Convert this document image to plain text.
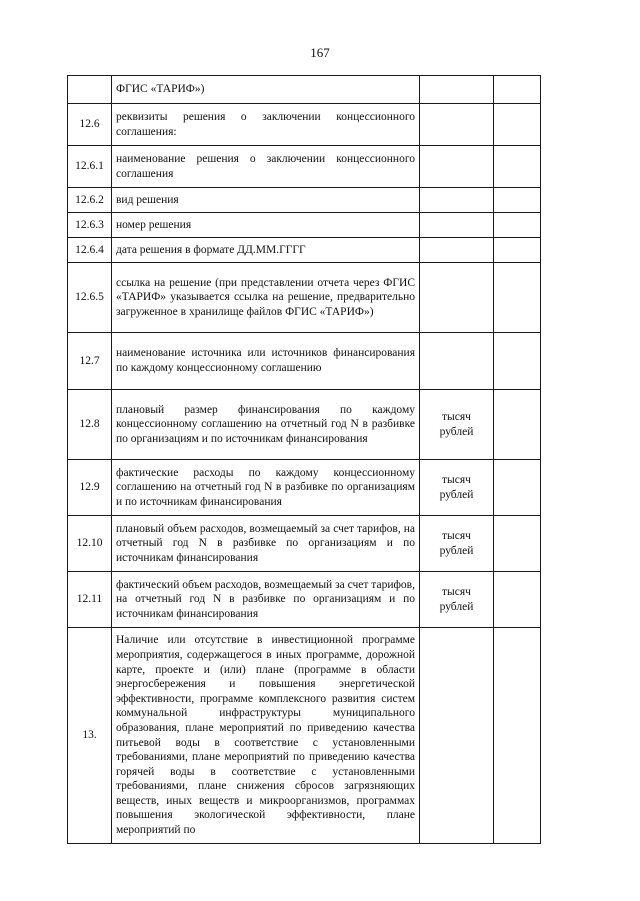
167
	ФГИС «ТАРИФ»)		
12.6	реквизиты решения о заключении концессионного соглашения:		
12.6.1	наименование решения о заключении концессионного соглашения		
12.6.2	вид решения		
12.6.3	номер решения		
12.6.4	дата решения в формате ДД.ММ.ГГГГ		
12.6.5	ссылка на решение (при представлении отчета через ФГИС «ТАРИФ» указывается ссылка на решение, предварительно загруженное в хранилище файлов ФГИС «ТАРИФ»)		
12.7	наименование источника или источников финансирования по каждому концессионному соглашению		
12.8	плановый размер финансирования по каждому концессионному соглашению на отчетный год N в разбивке по организациям и по источникам финансирования	тысяч рублей	
12.9	фактические расходы по каждому концессионному соглашению на отчетный год N в разбивке по организациям и по источникам финансирования	тысяч рублей	
12.10	плановый объем расходов, возмещаемый за счет тарифов, на отчетный год N в разбивке по организациям и по источникам финансирования	тысяч рублей	
12.11	фактический объем расходов, возмещаемый за счет тарифов, на отчетный год N в разбивке по организациям и по источникам финансирования	тысяч рублей	
13.	Наличие или отсутствие в инвестиционной программе мероприятия, содержащегося в иных программе, дорожной карте, проекте и (или) плане (программе в области энергосбережения и повышения энергетической эффективности, программе комплексного развития систем коммунальной инфраструктуры муниципального образования, плане мероприятий по приведению качества питьевой воды в соответствие с установленными требованиями, плане мероприятий по приведению качества горячей воды в соответствие с установленными требованиями, плане снижения сбросов загрязняющих веществ, иных веществ и микроорганизмов, программах повышения экологической эффективности, плане мероприятий по		
